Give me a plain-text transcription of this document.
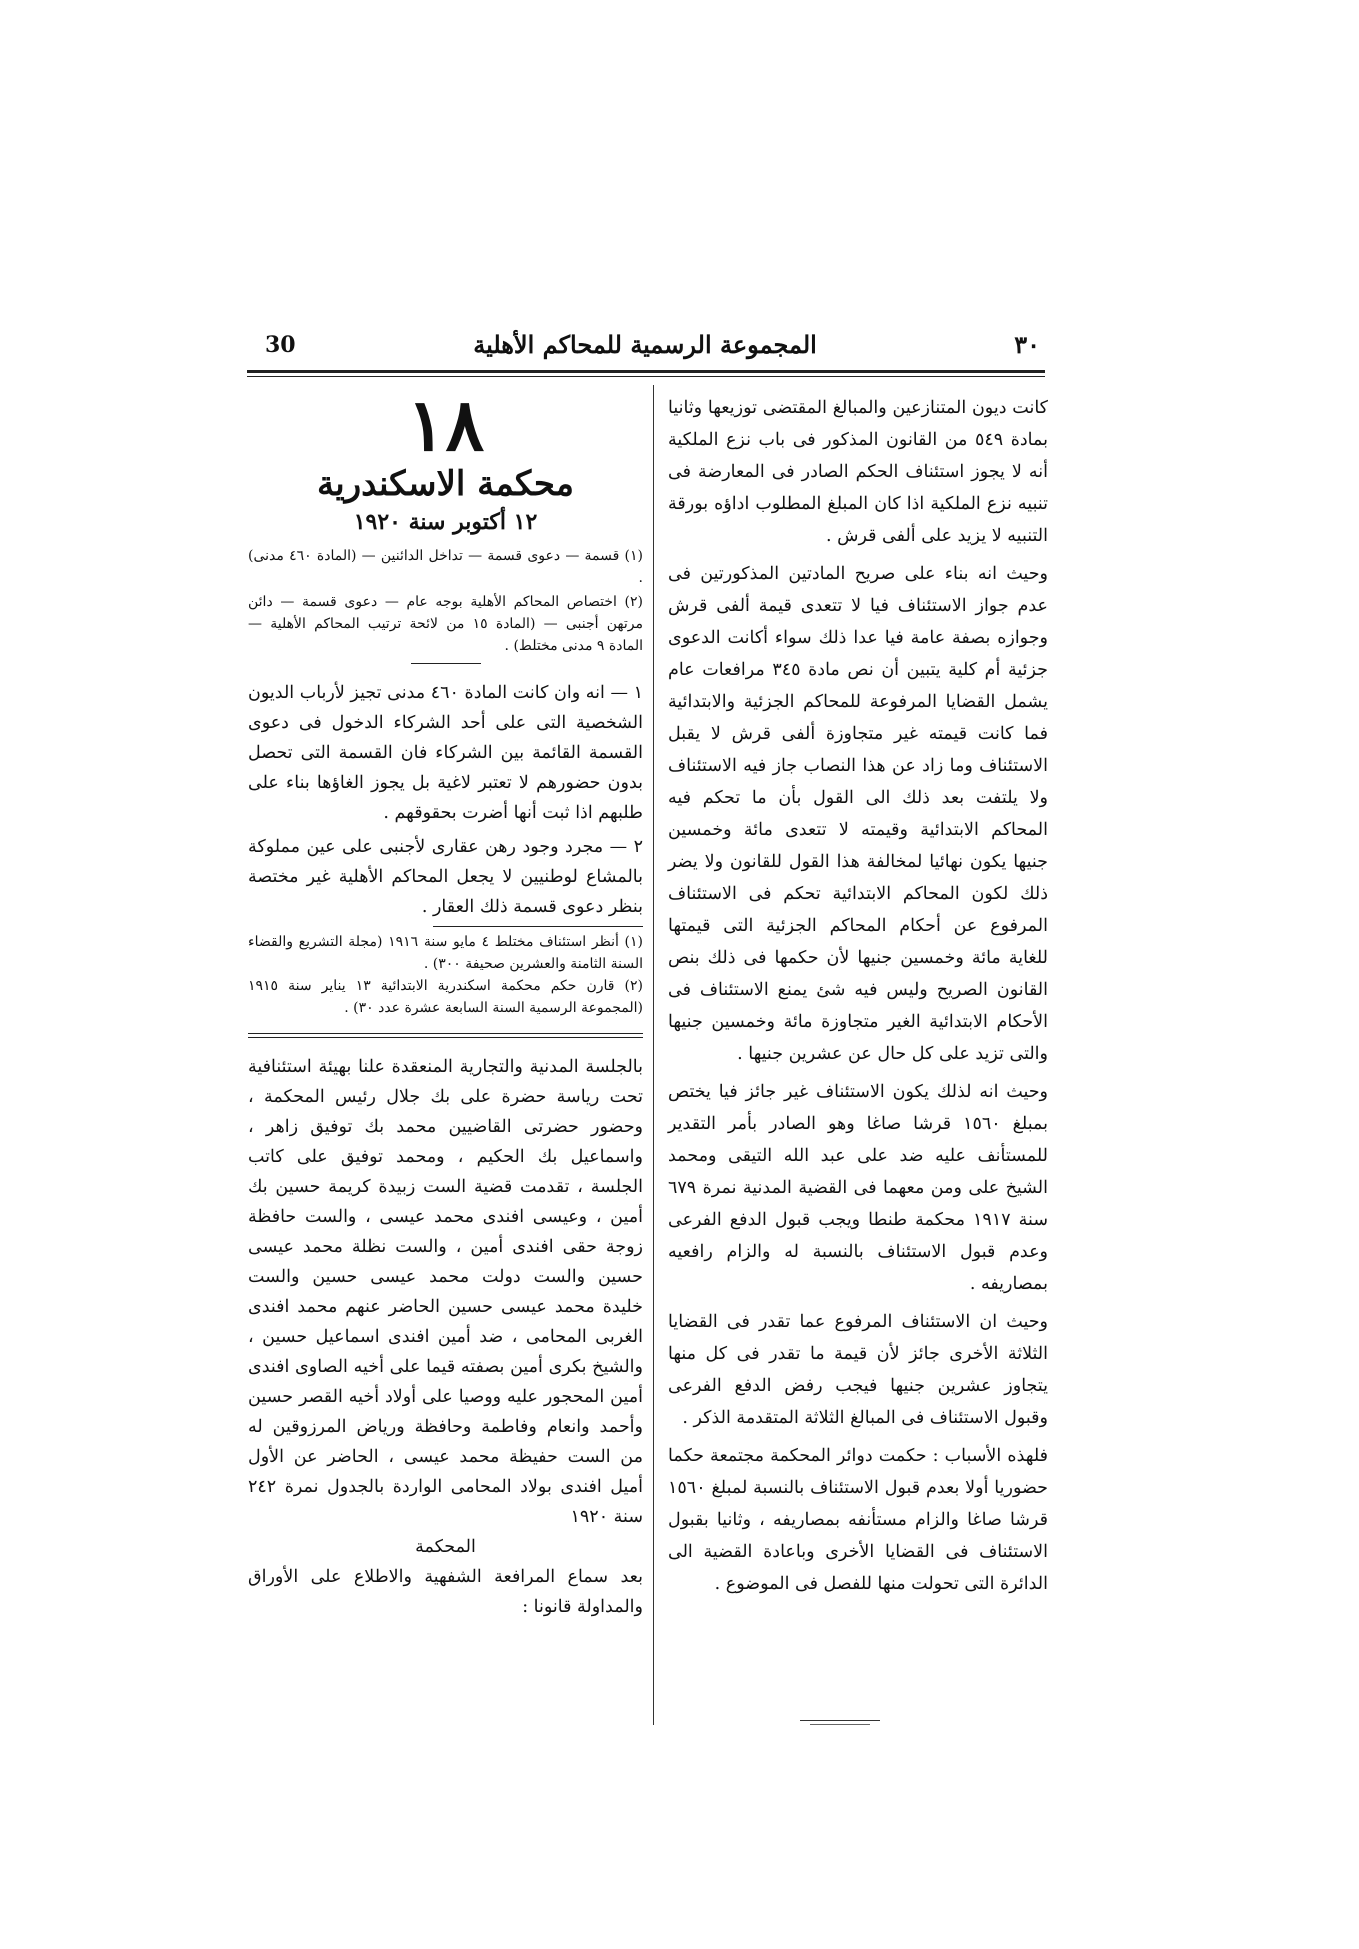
30	المجموعة الرسمية للمحاكم الأهلية	٣٠

كانت ديون المتنازعين والمبالغ المقتضى توزيعها وثانيا بمادة ٥٤٩ من القانون المذكور فى باب نزع الملكية أنه لا يجوز استئناف الحكم الصادر فى المعارضة فى تنبيه نزع الملكية اذا كان المبلغ المطلوب اداؤه بورقة التنبيه لا يزيد على ألفى قرش .

وحيث انه بناء على صريح المادتين المذكورتين فى عدم جواز الاستئناف فيا لا تتعدى قيمة ألفى قرش وجوازه بصفة عامة فيا عدا ذلك سواء أكانت الدعوى جزئية أم كلية يتبين أن نص مادة ٣٤٥ مرافعات عام يشمل القضايا المرفوعة للمحاكم الجزئية والابتدائية فما كانت قيمته غير متجاوزة ألفى قرش لا يقبل الاستئناف وما زاد عن هذا النصاب جاز فيه الاستئناف ولا يلتفت بعد ذلك الى القول بأن ما تحكم فيه المحاكم الابتدائية وقيمته لا تتعدى مائة وخمسين جنيها يكون نهائيا لمخالفة هذا القول للقانون ولا يضر ذلك لكون المحاكم الابتدائية تحكم فى الاستئناف المرفوع عن أحكام المحاكم الجزئية التى قيمتها للغاية مائة وخمسين جنيها لأن حكمها فى ذلك بنص القانون الصريح وليس فيه شئ يمنع الاستئناف فى الأحكام الابتدائية الغير متجاوزة مائة وخمسين جنيها والتى تزيد على كل حال عن عشرين جنيها .

وحيث انه لذلك يكون الاستئناف غير جائز فيا يختص بمبلغ ١٥٦٠ قرشا صاغا وهو الصادر بأمر التقدير للمستأنف عليه ضد على عبد الله التيقى ومحمد الشيخ على ومن معهما فى القضية المدنية نمرة ٦٧٩ سنة ١٩١٧ محكمة طنطا ويجب قبول الدفع الفرعى وعدم قبول الاستئناف بالنسبة له والزام رافعيه بمصاريفه .

وحيث ان الاستئناف المرفوع عما تقدر فى القضايا الثلاثة الأخرى جائز لأن قيمة ما تقدر فى كل منها يتجاوز عشرين جنيها فيجب رفض الدفع الفرعى وقبول الاستئناف فى المبالغ الثلاثة المتقدمة الذكر .

فلهذه الأسباب : حكمت دوائر المحكمة مجتمعة حكما حضوريا أولا بعدم قبول الاستئناف بالنسبة لمبلغ ١٥٦٠ قرشا صاغا والزام مستأنفه بمصاريفه ، وثانيا بقبول الاستئناف فى القضايا الأخرى وباعادة القضية الى الدائرة التى تحولت منها للفصل فى الموضوع .

١٨
محكمة الاسكندرية
١٢ أكتوبر سنة ١٩٢٠

(١) قسمة — دعوى قسمة — تداخل الدائنين — (المادة ٤٦٠ مدنى) .

(٢) اختصاص المحاكم الأهلية بوجه عام — دعوى قسمة — دائن مرتهن أجنبى — (المادة ١٥ من لائحة ترتيب المحاكم الأهلية — المادة ٩ مدنى مختلط) .

١ — انه وان كانت المادة ٤٦٠ مدنى تجيز لأرباب الديون الشخصية التى على أحد الشركاء الدخول فى دعوى القسمة القائمة بين الشركاء فان القسمة التى تحصل بدون حضورهم لا تعتبر لاغية بل يجوز الغاؤها بناء على طلبهم اذا ثبت أنها أضرت بحقوقهم .

٢ — مجرد وجود رهن عقارى لأجنبى على عين مملوكة بالمشاع لوطنيين لا يجعل المحاكم الأهلية غير مختصة بنظر دعوى قسمة ذلك العقار .

(١) أنظر استئناف مختلط ٤ مايو سنة ١٩١٦ (مجلة التشريع والقضاء السنة الثامنة والعشرين صحيفة ٣٠٠) .

(٢) قارن حكم محكمة اسكندرية الابتدائية ١٣ يناير سنة ١٩١٥ (المجموعة الرسمية السنة السابعة عشرة عدد ٣٠) .

بالجلسة المدنية والتجارية المنعقدة علنا بهيئة استئنافية تحت رياسة حضرة على بك جلال رئيس المحكمة ، وحضور حضرتى القاضيين محمد بك توفيق زاهر ، واسماعيل بك الحكيم ، ومحمد توفيق على كاتب الجلسة ، تقدمت قضية الست زبيدة كريمة حسين بك أمين ، وعيسى افندى محمد عيسى ، والست حافظة زوجة حقى افندى أمين ، والست نظلة محمد عيسى حسين والست دولت محمد عيسى حسين والست خليدة محمد عيسى حسين الحاضر عنهم محمد افندى الغربى المحامى ، ضد أمين افندى اسماعيل حسين ، والشيخ بكرى أمين بصفته قيما على أخيه الصاوى افندى أمين المحجور عليه ووصيا على أولاد أخيه القصر حسين وأحمد وانعام وفاطمة وحافظة ورياض المرزوقين له من الست حفيظة محمد عيسى ، الحاضر عن الأول أميل افندى بولاد المحامى الواردة بالجدول نمرة ٢٤٢ سنة ١٩٢٠

المحكمة

بعد سماع المرافعة الشفهية والاطلاع على الأوراق والمداولة قانونا :
